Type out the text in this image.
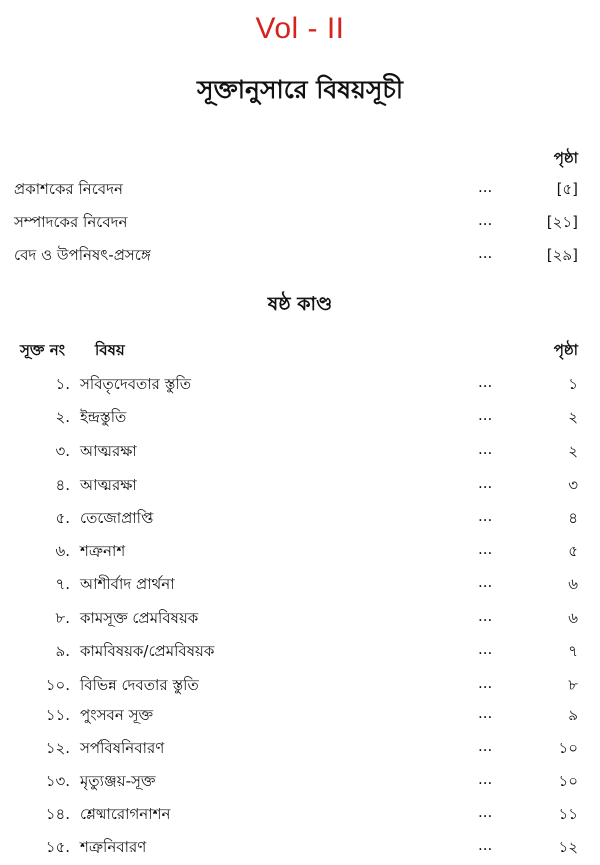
Vol - II
সূক্তানুসারে বিষয়সূচী
পৃষ্ঠা
প্রকাশকের নিবেদন	...	[৫]
সম্পাদকের নিবেদন	...	[২১]
বেদ ও উপনিষৎ-প্রসঙ্গে	...	[২৯]
ষষ্ঠ কাণ্ড
সূক্ত নং বিষয়	পৃষ্ঠা
১. সবিতৃদেবতার স্তুতি	...	১
২. ইন্দ্রস্তুতি	...	২
৩. আত্মরক্ষা	...	২
৪. আত্মরক্ষা	...	৩
৫. তেজোপ্রাপ্তি	...	৪
৬. শত্রুনাশ	...	৫
৭. আশীর্বাদ প্রার্থনা	...	৬
৮. কামসূক্ত প্রেমবিষয়ক	...	৬
৯. কামবিষয়ক/প্রেমবিষয়ক	...	৭
১০. বিভিন্ন দেবতার স্তুতি	...	৮
১১. পুংসবন সূক্ত	...	৯
১২. সর্পবিষনিবারণ	...	১০
১৩. মৃত্যুঞ্জয়-সূক্ত	...	১০
১৪. শ্লেষ্মারোগনাশন	...	১১
১৫. শত্রুনিবারণ	...	১২
